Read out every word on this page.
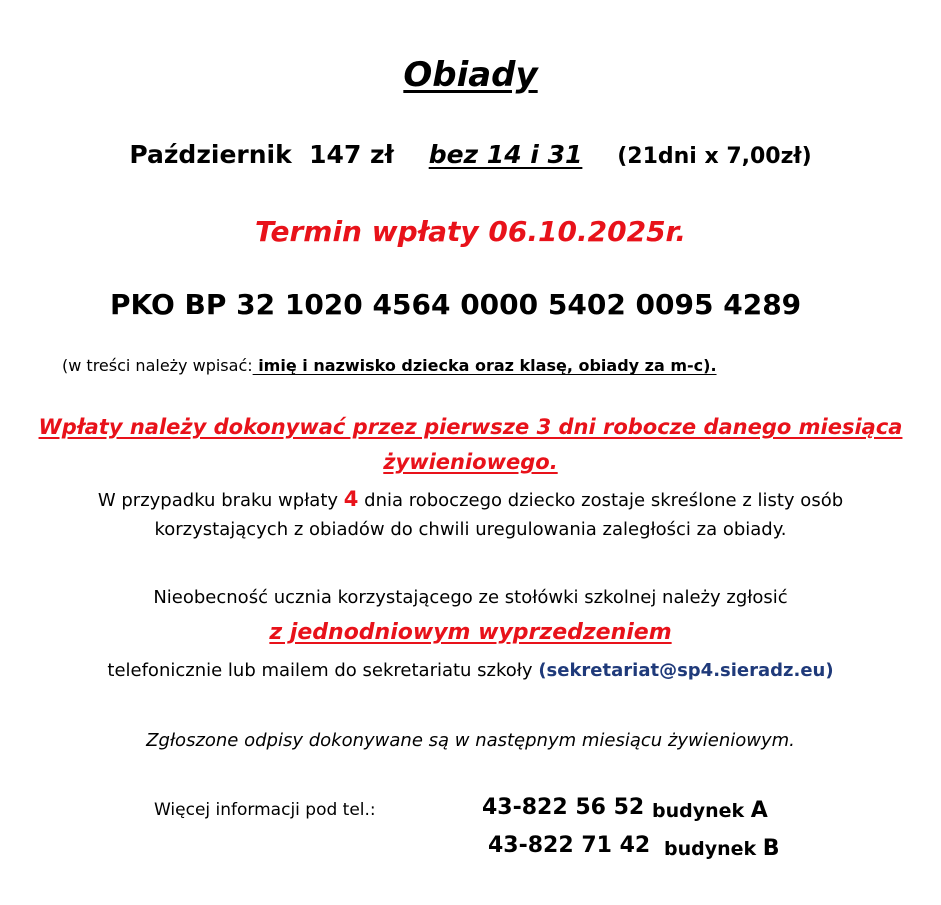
Obiady
Październik 147 zł bez 14 i 31 (21dni x 7,00zł)
Termin wpłaty 06.10.2025r.
PKO BP 32 1020 4564 0000 5402 0095 4289
(w treści należy wpisać: imię i nazwisko dziecka oraz klasę, obiady za m-c).
Wpłaty należy dokonywać przez pierwsze 3 dni robocze danego miesiąca
żywieniowego.
W przypadku braku wpłaty 4 dnia roboczego dziecko zostaje skreślone z listy osób
korzystających z obiadów do chwili uregulowania zaległości za obiady.
Nieobecność ucznia korzystającego ze stołówki szkolnej należy zgłosić
z jednodniowym wyprzedzeniem
telefonicznie lub mailem do sekretariatu szkoły (sekretariat@sp4.sieradz.eu)
Zgłoszone odpisy dokonywane są w następnym miesiącu żywieniowym.
Więcej informacji pod tel.:	43-822 56 52 budynek A
43-822 71 42 budynek B
